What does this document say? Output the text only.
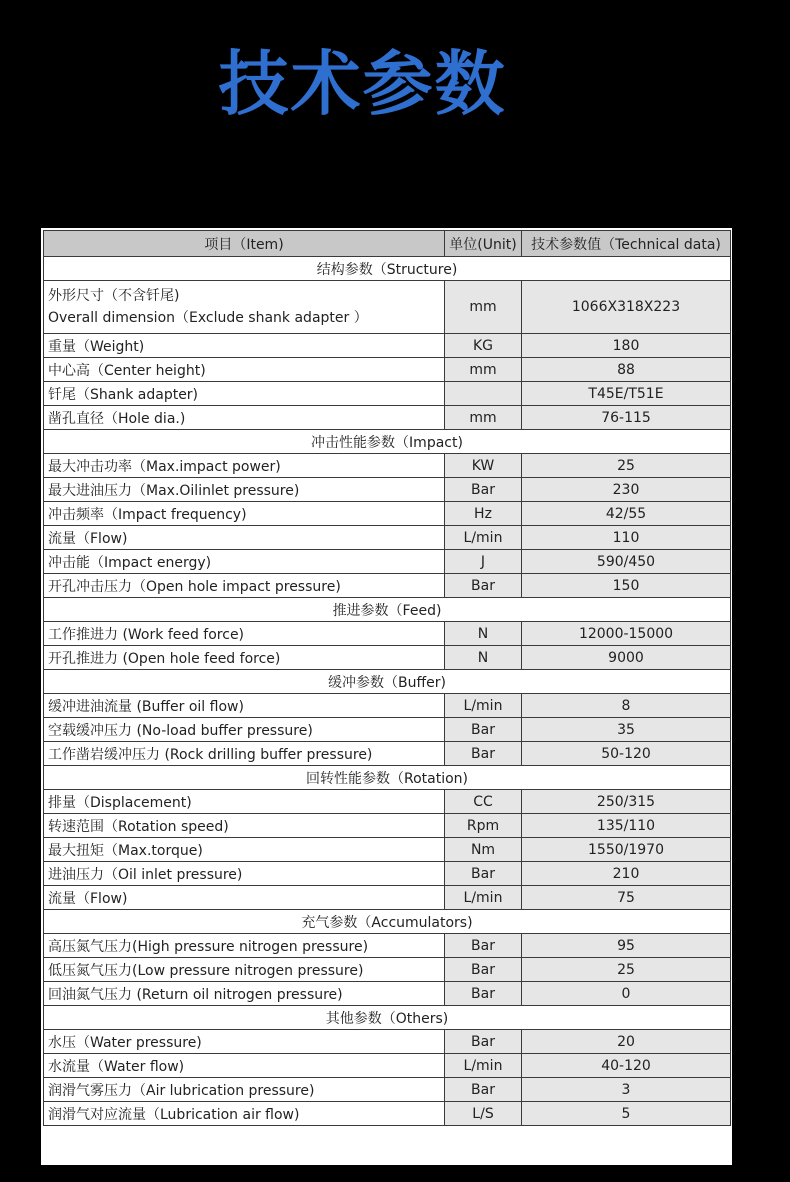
技术参数
项目（Item)	单位(Unit)	技术参数值（Technical data)
结构参数（Structure)		

外形尺寸（不含钎尾)
Overall dimension（Exclude shank adapter ）	mm	1066X318X223
重量（Weight)	KG	180
中心高（Center height)	mm	88
钎尾（Shank adapter)		T45E/T51E
凿孔直径（Hole dia.)	mm	76-115
冲击性能参数（Impact)		
最大冲击功率（Max.impact power)	KW	25
最大进油压力（Max.Oilinlet pressure)	Bar	230
冲击频率（Impact frequency)	Hz	42/55
流量（Flow)	L/min	110
冲击能（Impact energy)	J	590/450
开孔冲击压力（Open hole impact pressure)	Bar	150
推进参数（Feed)		
工作推进力 (Work feed force)	N	12000-15000
开孔推进力 (Open hole feed force)	N	9000
缓冲参数（Buffer)		
缓冲进油流量 (Buffer oil flow)	L/min	8
空载缓冲压力 (No-load buffer pressure)	Bar	35
工作凿岩缓冲压力 (Rock drilling buffer pressure)	Bar	50-120
回转性能参数（Rotation)		
排量（Displacement)	CC	250/315
转速范围（Rotation speed)	Rpm	135/110
最大扭矩（Max.torque)	Nm	1550/1970
进油压力（Oil inlet pressure)	Bar	210
流量（Flow)	L/min	75
充气参数（Accumulators)		
高压氮气压力(High pressure nitrogen pressure)	Bar	95
低压氮气压力(Low pressure nitrogen pressure)	Bar	25
回油氮气压力 (Return oil nitrogen pressure)	Bar	0
其他参数（Others)		
水压（Water pressure)	Bar	20
水流量（Water flow)	L/min	40-120
润滑气雾压力（Air lubrication pressure)	Bar	3
润滑气对应流量（Lubrication air flow)	L/S	5
